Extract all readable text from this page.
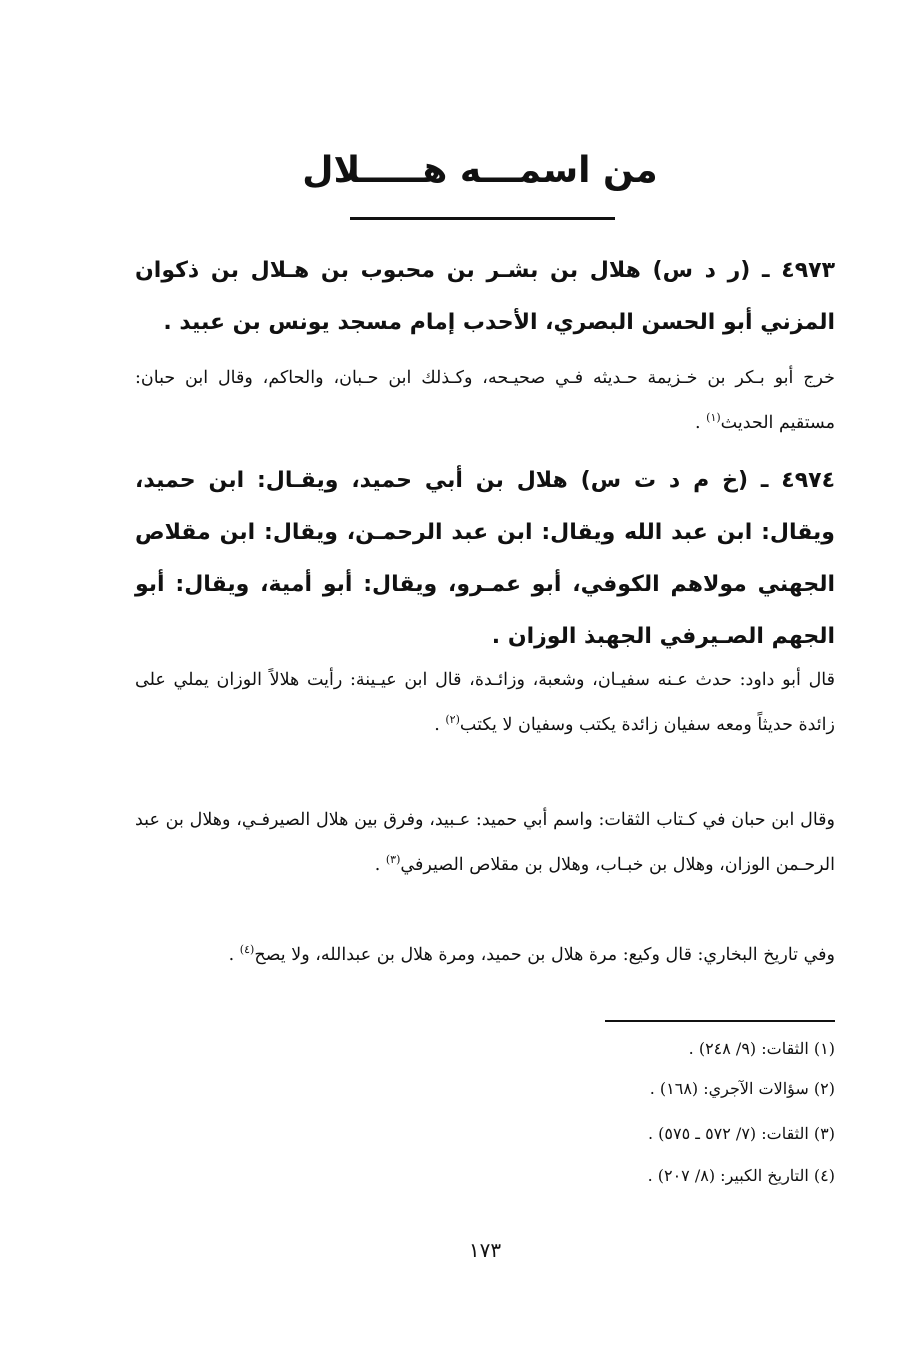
من اسمـــه هـــــلال
٤٩٧٣ ـ (ر د س) هلال بن بشـر بن محبوب بن هـلال بن ذكوان المزني أبو الحسن البصري، الأحدب إمام مسجد يونس بن عبيد .
خرج أبو بـكر بن خـزيمة حـديثه فـي صحيـحه، وكـذلك ابن حـبان، والحاكم، وقال ابن حبان: مستقيم الحديث$^{(١)}$ .
٤٩٧٤ ـ (خ م د ت س) هلال بن أبي حميد، ويقـال: ابن حميد، ويقال: ابن عبد الله ويقال: ابن عبد الرحمـن، ويقال: ابن مقلاص الجهني مولاهم الكوفي، أبو عمـرو، ويقال: أبو أمية، ويقال: أبو الجهم الصـيرفي الجهبذ الوزان .
قال أبو داود: حدث عـنه سفيـان، وشعبة، وزائـدة، قال ابن عيـينة: رأيت هلالاً الوزان يملي على زائدة حديثاً ومعه سفيان زائدة يكتب وسفيان لا يكتب$^{(٢)}$ .
وقال ابن حبان في كـتاب الثقات: واسم أبي حميد: عـبيد، وفرق بين هلال الصيرفـي، وهلال بن عبد الرحـمن الوزان، وهلال بن خبـاب، وهلال بن مقلاص الصيرفي$^{(٣)}$ .
وفي تاريخ البخاري: قال وكيع: مرة هلال بن حميد، ومرة هلال بن عبدالله، ولا يصح$^{(٤)}$ .
(١) الثقات: (٩/ ٢٤٨) .
(٢) سؤالات الآجري: (١٦٨) .
(٣) الثقات: (٧/ ٥٧٢ ـ ٥٧٥) .
(٤) التاريخ الكبير: (٨/ ٢٠٧) .
١٧٣
